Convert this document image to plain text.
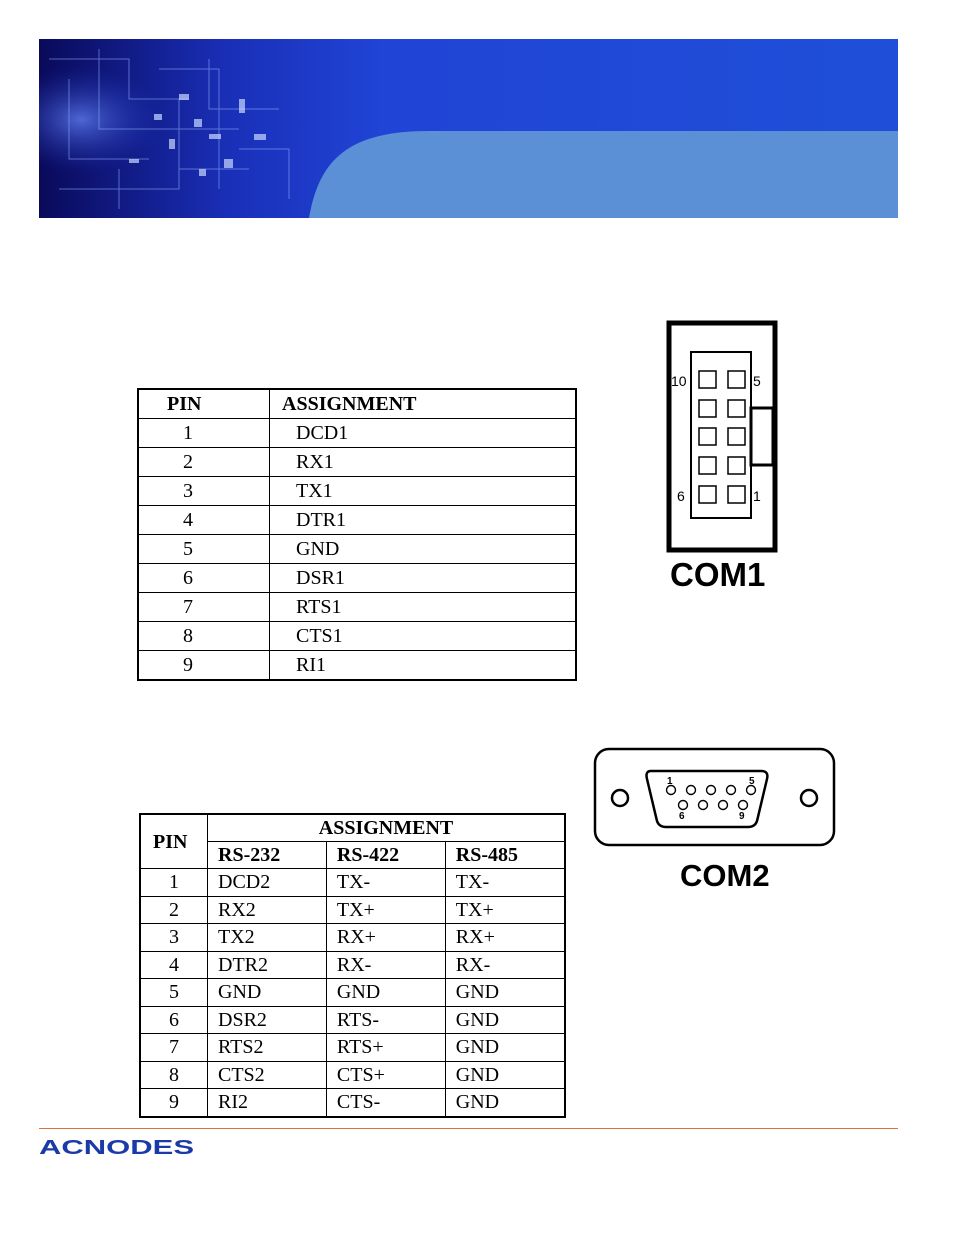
PIN	ASSIGNMENT
1	DCD1
2	RX1
3	TX1
4	DTR1
5	GND
6	DSR1
7	RTS1
8	CTS1
9	RI1
10	5
6	1
COM1
PIN	ASSIGNMENT		
	RS-232	RS-422	RS-485
1	DCD2	TX-	TX-
2	RX2	TX+	TX+
3	TX2	RX+	RX+
4	DTR2	RX-	RX-
5	GND	GND	GND
6	DSR2	RTS-	GND
7	RTS2	RTS+	GND
8	CTS2	CTS+	GND
9	RI2	CTS-	GND
1	5
6	9
COM2
ACNODES
